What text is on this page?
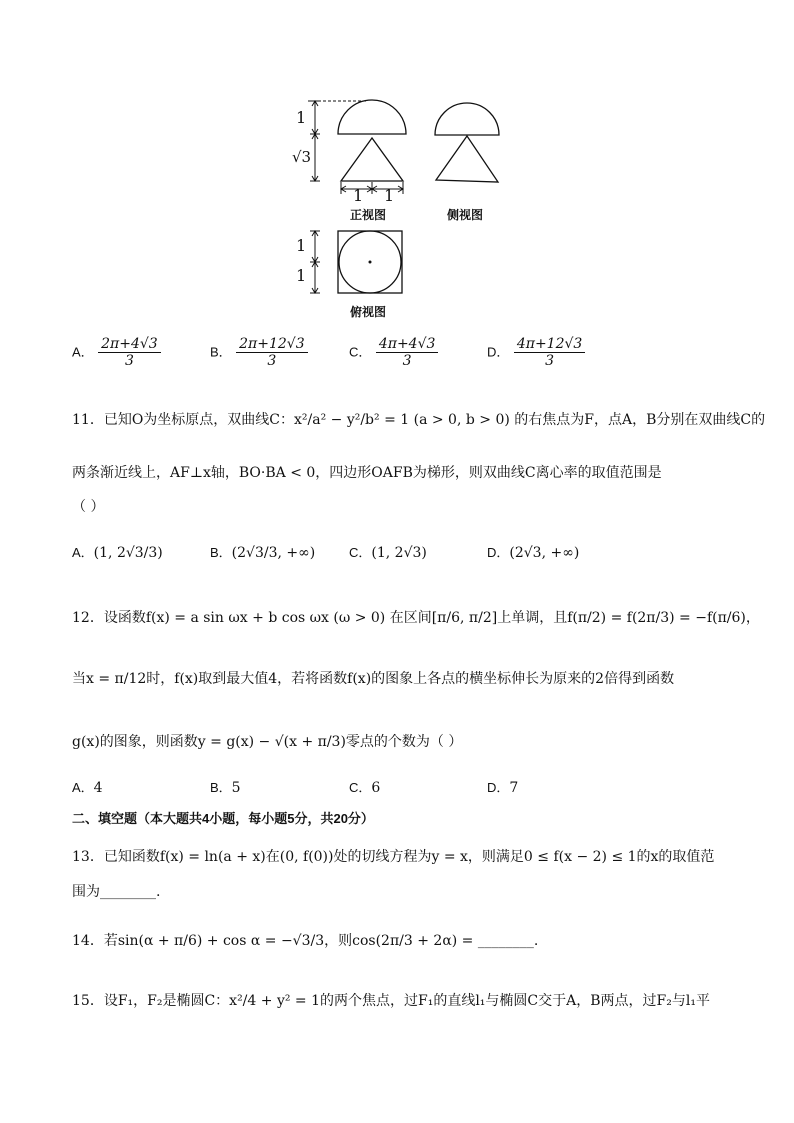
1
√3
1 1
1
1
正视图	侧视图
俯视图
A． $\frac{2\pi+4√3}{3}$	B． $\frac{2\pi+12√3}{3}$	C． $\frac{4\pi+4√3}{3}$	D． $\frac{4\pi+12√3}{3}$
11．已知O为坐标原点，双曲线C：x²/a² − y²/b² = 1 (a > 0, b > 0) 的右焦点为F，点A，B分别在双曲线C的
两条渐近线上，AF⊥x轴，BO·BA < 0，四边形OAFB为梯形，则双曲线C离心率的取值范围是
（ ）
A．(1, 2√3/3)	B．(2√3/3, +∞)	C．(1, 2√3)	D．(2√3, +∞)
12．设函数f(x) = a sin ωx + b cos ωx (ω > 0) 在区间[π/6, π/2]上单调，且f(π/2) = f(2π/3) = −f(π/6)，
当x = π/12时，f(x)取到最大值4，若将函数f(x)的图象上各点的横坐标伸长为原来的2倍得到函数
g(x)的图象，则函数y = g(x) − √(x + π/3)零点的个数为（ ）
A．4	B．5	C．6	D．7
二、填空题（本大题共4小题，每小题5分，共20分）
13．已知函数f(x) = ln(a + x)在(0, f(0))处的切线方程为y = x，则满足0 ≤ f(x − 2) ≤ 1的x的取值范
围为________.
14．若sin(α + π/6) + cos α = −√3/3，则cos(2π/3 + 2α) = ________.
15．设F₁，F₂是椭圆C：x²/4 + y² = 1的两个焦点，过F₁的直线l₁与椭圆C交于A，B两点，过F₂与l₁平
